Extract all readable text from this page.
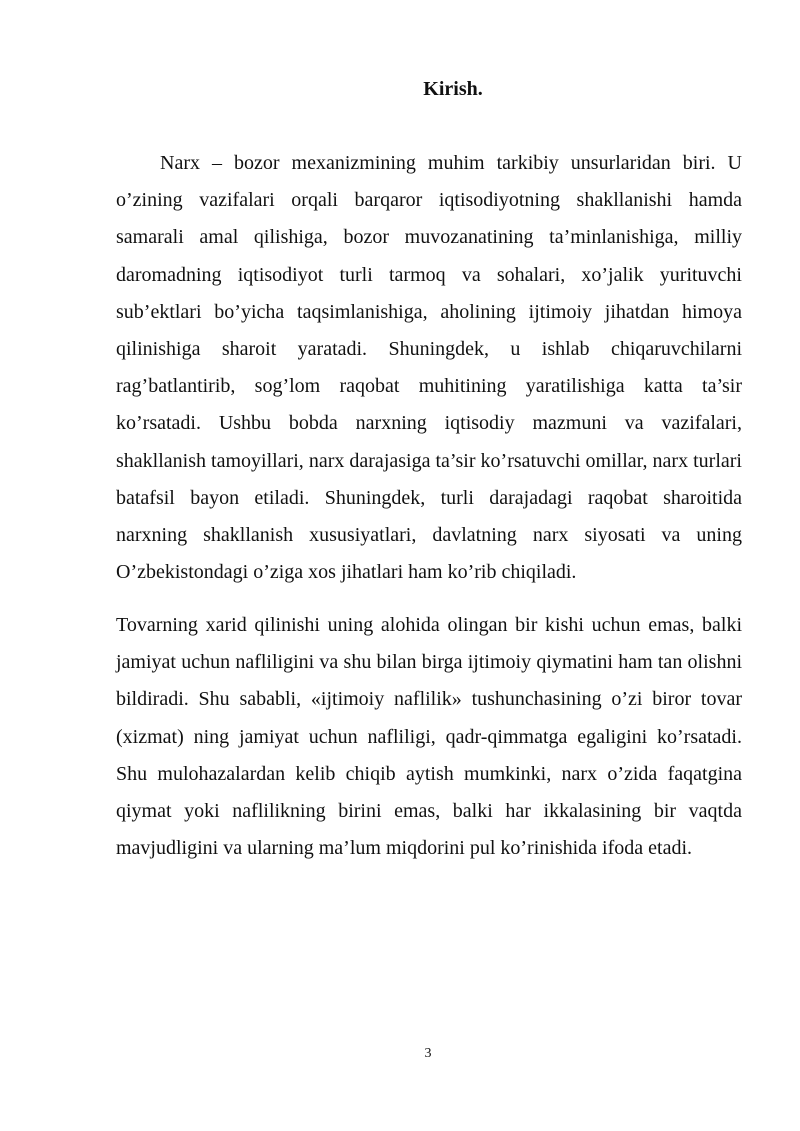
Kirish.

Narx – bozor mexanizmining muhim tarkibiy unsurlaridan biri. U o’zining vazifalari orqali barqaror iqtisodiyotning shakllanishi hamda samarali amal qilishiga, bozor muvozanatining ta’minlanishiga, milliy daromadning iqtisodiyot turli tarmoq va sohalari, xo’jalik yurituvchi sub’ektlari bo’yicha taqsimlanishiga, aholining ijtimoiy jihatdan himoya qilinishiga sharoit yaratadi. Shuningdek, u ishlab chiqaruvchilarni rag’batlantirib, sog’lom raqobat muhitining yaratilishiga katta ta’sir ko’rsatadi. Ushbu bobda narxning iqtisodiy mazmuni va vazifalari, shakllanish tamoyillari, narx darajasiga ta’sir ko’rsatuvchi omillar, narx turlari batafsil bayon etiladi. Shuningdek, turli darajadagi raqobat sharoitida narxning shakllanish xususiyatlari, davlatning narx siyosati va uning O’zbekistondagi o’ziga xos jihatlari ham ko’rib chiqiladi.

Tovarning xarid qilinishi uning alohida olingan bir kishi uchun emas, balki jamiyat uchun nafliligini va shu bilan birga ijtimoiy qiymatini ham tan olishni bildiradi. Shu sababli, «ijtimoiy naflilik» tushunchasining o’zi biror tovar (xizmat) ning jamiyat uchun nafliligi, qadr-qimmatga egaligini ko’rsatadi. Shu mulohazalardan kelib chiqib aytish mumkinki, narx o’zida faqatgina qiymat yoki naflilikning birini emas, balki har ikkalasining bir vaqtda mavjudligini va ularning ma’lum miqdorini pul ko’rinishida ifoda etadi.

3
